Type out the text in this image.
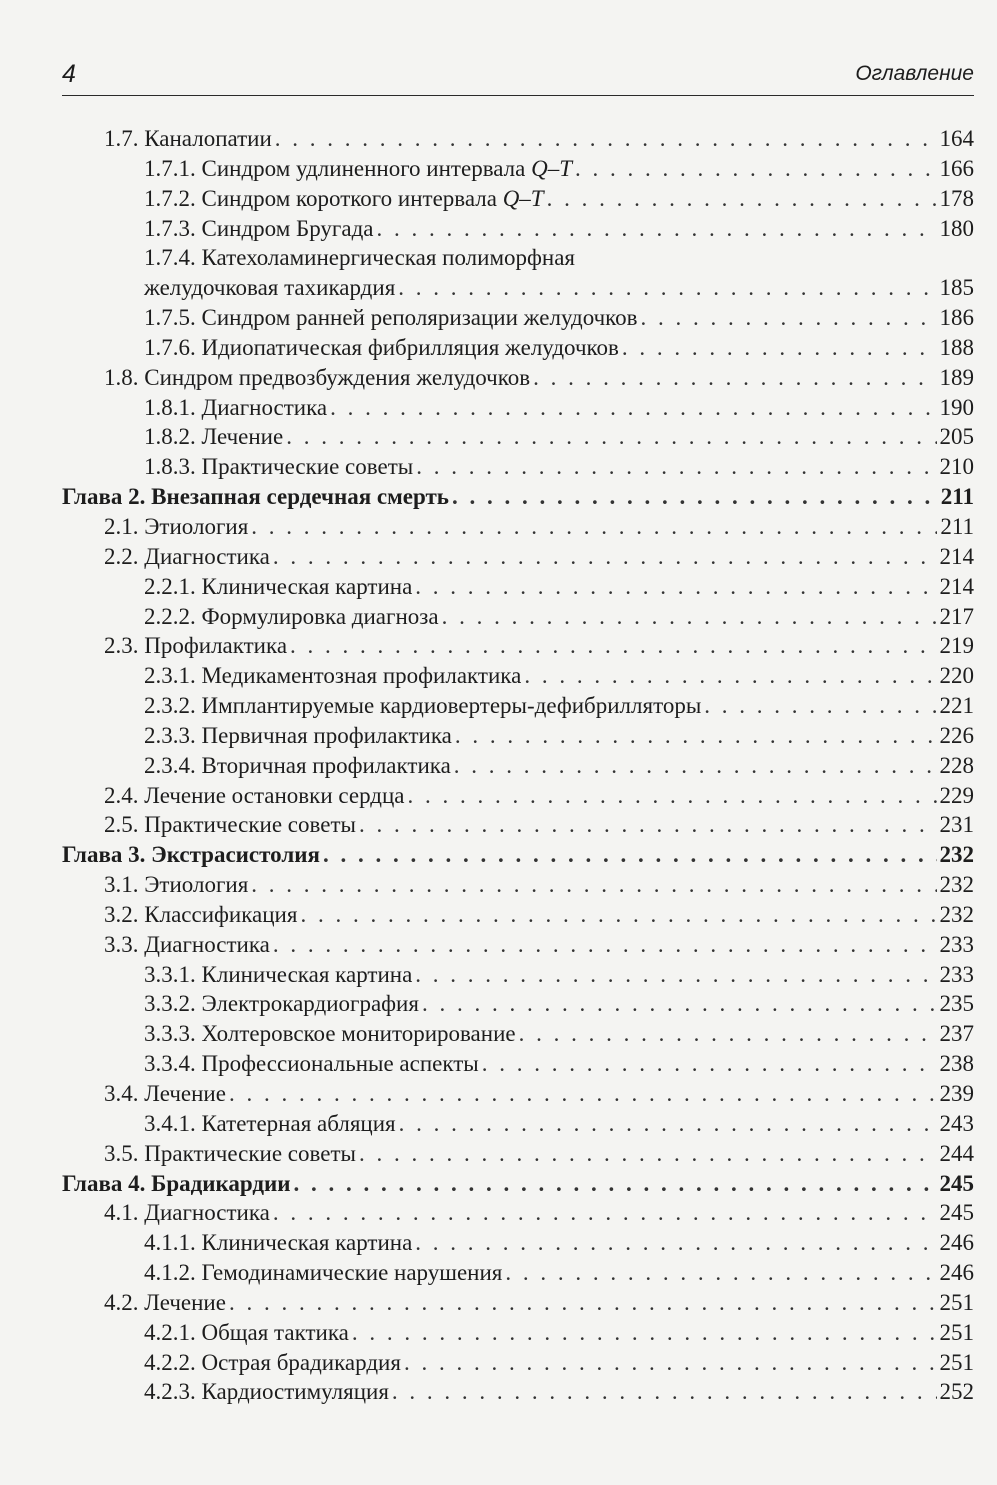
4	Оглавление
1.7. Каналопатии . . .	164
1.7.1. Синдром удлиненного интервала Q–T . . .	166
1.7.2. Синдром короткого интервала Q–T . . .	178
1.7.3. Синдром Бругада . . .	180
1.7.4. Катехоламинергическая полиморфная
желудочковая тахикардия . . .	185
1.7.5. Синдром ранней реполяризации желудочков . . .	186
1.7.6. Идиопатическая фибрилляция желудочков . . .	188
1.8. Синдром предвозбуждения желудочков . . .	189
1.8.1. Диагностика . . .	190
1.8.2. Лечение . . .	205
1.8.3. Практические советы . . .	210
Глава 2. Внезапная сердечная смерть . . .	211
2.1. Этиология . . .	211
2.2. Диагностика . . .	214
2.2.1. Клиническая картина . . .	214
2.2.2. Формулировка диагноза . . .	217
2.3. Профилактика . . .	219
2.3.1. Медикаментозная профилактика . . .	220
2.3.2. Имплантируемые кардиовертеры-дефибрилляторы . . .	221
2.3.3. Первичная профилактика . . .	226
2.3.4. Вторичная профилактика . . .	228
2.4. Лечение остановки сердца . . .	229
2.5. Практические советы . . .	231
Глава 3. Экстрасистолия . . .	232
3.1. Этиология . . .	232
3.2. Классификация . . .	232
3.3. Диагностика . . .	233
3.3.1. Клиническая картина . . .	233
3.3.2. Электрокардиография . . .	235
3.3.3. Холтеровское мониторирование . . .	237
3.3.4. Профессиональные аспекты . . .	238
3.4. Лечение . . .	239
3.4.1. Катетерная абляция . . .	243
3.5. Практические советы . . .	244
Глава 4. Брадикардии . . .	245
4.1. Диагностика . . .	245
4.1.1. Клиническая картина . . .	246
4.1.2. Гемодинамические нарушения . . .	246
4.2. Лечение . . .	251
4.2.1. Общая тактика . . .	251
4.2.2. Острая брадикардия . . .	251
4.2.3. Кардиостимуляция . . .	252
